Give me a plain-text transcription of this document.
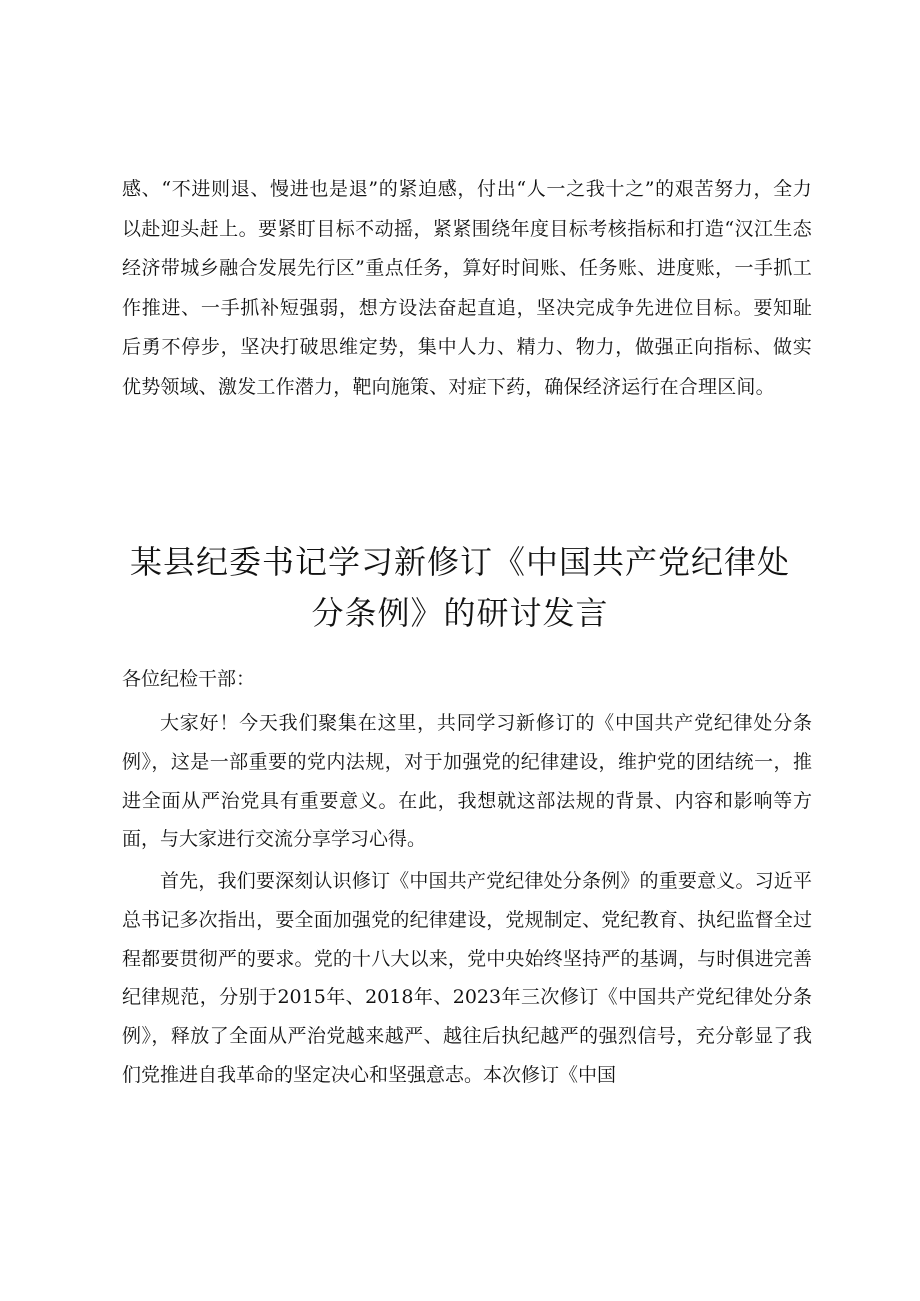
感、“不进则退、慢进也是退”的紧迫感，付出“人一之我十之”的艰苦努力，全力以赴迎头赶上。要紧盯目标不动摇，紧紧围绕年度目标考核指标和打造“汉江生态经济带城乡融合发展先行区”重点任务，算好时间账、任务账、进度账，一手抓工作推进、一手抓补短强弱，想方设法奋起直追，坚决完成争先进位目标。要知耻后勇不停步，坚决打破思维定势，集中人力、精力、物力，做强正向指标、做实优势领域、激发工作潜力，靶向施策、对症下药，确保经济运行在合理区间。
某县纪委书记学习新修订《中国共产党纪律处
分条例》的研讨发言
各位纪检干部：
大家好！今天我们聚集在这里，共同学习新修订的《中国共产党纪律处分条例》，这是一部重要的党内法规，对于加强党的纪律建设，维护党的团结统一，推进全面从严治党具有重要意义。在此，我想就这部法规的背景、内容和影响等方面，与大家进行交流分享学习心得。
首先，我们要深刻认识修订《中国共产党纪律处分条例》的重要意义。习近平总书记多次指出，要全面加强党的纪律建设，党规制定、党纪教育、执纪监督全过程都要贯彻严的要求。党的十八大以来，党中央始终坚持严的基调，与时俱进完善纪律规范，分别于2015年、2018年、2023年三次修订《中国共产党纪律处分条例》，释放了全面从严治党越来越严、越往后执纪越严的强烈信号，充分彰显了我们党推进自我革命的坚定决心和坚强意志。本次修订《中国
